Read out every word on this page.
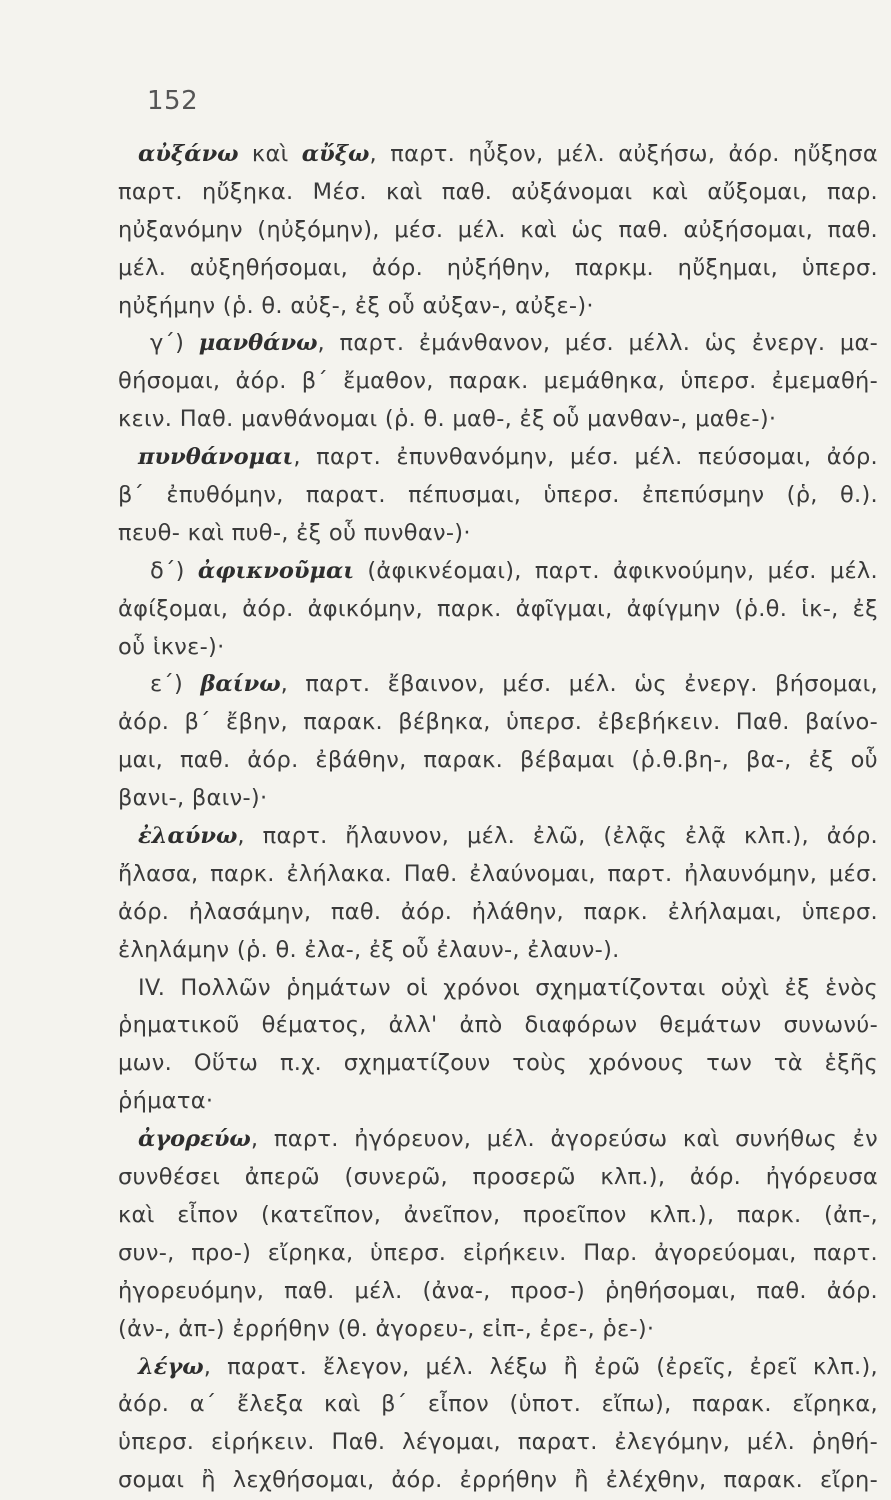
152
αὐξάνω καὶ αὔξω, παρτ. ηὖξον, μέλ. αὐξήσω, ἀόρ. ηὔξησα
παρτ. ηὔξηκα. Μέσ. καὶ παθ. αὐξάνομαι καὶ αὔξομαι, παρ.
ηὐξανόμην (ηὐξόμην), μέσ. μέλ. καὶ ὡς παθ. αὐξήσομαι, παθ.
μέλ. αὐξηθήσομαι, ἀόρ. ηὐξήθην, παρκμ. ηὔξημαι, ὑπερσ.
ηὐξήμην (ῥ. θ. αὐξ-, ἐξ οὗ αὐξαν-, αὐξε-)·
γ΄) μανθάνω, παρτ. ἐμάνθανον, μέσ. μέλλ. ὡς ἐνεργ. μα-
θήσομαι, ἀόρ. β΄ ἔμαθον, παρακ. μεμάθηκα, ὑπερσ. ἐμεμαθή-
κειν. Παθ. μανθάνομαι (ῥ. θ. μαθ-, ἐξ οὗ μανθαν-, μαθε-)·
πυνθάνομαι, παρτ. ἐπυνθανόμην, μέσ. μέλ. πεύσομαι, ἀόρ.
β΄ ἐπυθόμην, παρατ. πέπυσμαι, ὑπερσ. ἐπεπύσμην (ῥ, θ.).
πευθ- καὶ πυθ-, ἐξ οὗ πυνθαν-)·
δ΄) ἀφικνοῦμαι (ἀφικνέομαι), παρτ. ἀφικνούμην, μέσ. μέλ.
ἀφίξομαι, ἀόρ. ἀφικόμην, παρκ. ἀφῖγμαι, ἀφίγμην (ῥ.θ. ἱκ-, ἐξ
οὗ ἱκνε-)·
ε΄) βαίνω, παρτ. ἔβαινον, μέσ. μέλ. ὡς ἐνεργ. βήσομαι,
ἀόρ. β΄ ἔβην, παρακ. βέβηκα, ὑπερσ. ἐβεβήκειν. Παθ. βαίνο-
μαι, παθ. ἀόρ. ἐβάθην, παρακ. βέβαμαι (ῥ.θ.βη-, βα-, ἐξ οὗ
βανι-, βαιν-)·
ἐλαύνω, παρτ. ἤλαυνον, μέλ. ἐλῶ, (ἐλᾷς ἐλᾷ κλπ.), ἀόρ.
ἤλασα, παρκ. ἐλήλακα. Παθ. ἐλαύνομαι, παρτ. ἠλαυνόμην, μέσ.
ἀόρ. ἠλασάμην, παθ. ἀόρ. ἠλάθην, παρκ. ἐλήλαμαι, ὑπερσ.
ἐληλάμην (ῥ. θ. ἐλα-, ἐξ οὗ ἐλαυν-, ἐλαυν-).
IV. Πολλῶν ῥημάτων οἱ χρόνοι σχηματίζονται οὐχὶ ἐξ ἑνὸς
ῥηματικοῦ θέματος, ἀλλ' ἀπὸ διαφόρων θεμάτων συνωνύ-
μων. Οὕτω π.χ. σχηματίζουν τοὺς χρόνους των τὰ ἑξῆς
ῥήματα·
ἀγορεύω, παρτ. ἠγόρευον, μέλ. ἀγορεύσω καὶ συνήθως ἐν
συνθέσει ἀπερῶ (συνερῶ, προσερῶ κλπ.), ἀόρ. ἠγόρευσα
καὶ εἶπον (κατεῖπον, ἀνεῖπον, προεῖπον κλπ.), παρκ. (ἀπ-,
συν-, προ-) εἴρηκα, ὑπερσ. εἰρήκειν. Παρ. ἀγορεύομαι, παρτ.
ἠγορευόμην, παθ. μέλ. (ἀνα-, προσ-) ῥηθήσομαι, παθ. ἀόρ.
(ἀν-, ἀπ-) ἐρρήθην (θ. ἀγορευ-, εἰπ-, ἐρε-, ῥε-)·
λέγω, παρατ. ἔλεγον, μέλ. λέξω ἢ ἐρῶ (ἐρεῖς, ἐρεῖ κλπ.),
ἀόρ. α΄ ἔλεξα καὶ β΄ εἶπον (ὑποτ. εἴπω), παρακ. εἴρηκα,
ὑπερσ. εἰρήκειν. Παθ. λέγομαι, παρατ. ἐλεγόμην, μέλ. ῥηθή-
σομαι ἢ λεχθήσομαι, ἀόρ. ἐρρήθην ἢ ἐλέχθην, παρακ. εἴρη-
